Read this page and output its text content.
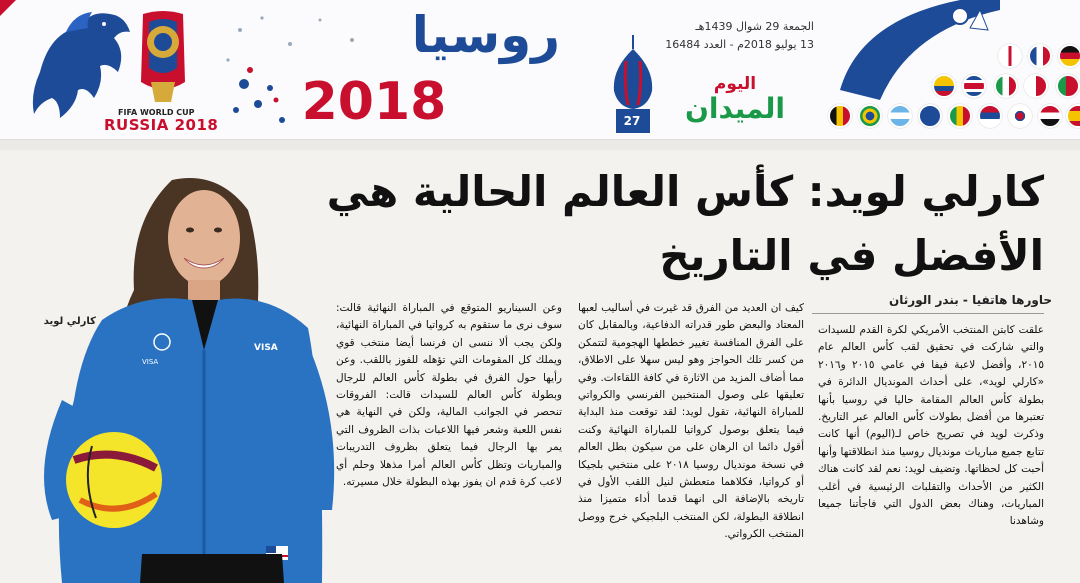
FIFA WORLD CUP
RUSSIA 2018
روسيا
2018	27
اليوم
الميدان
الجمعة 29 شوال 1439هـ
13 يوليو 2018م - العدد 16484
VISA
VISA
كارلي لويد
كارلي لويد: كأس العالم الحالية هي الأفضل في التاريخ
حاورها هاتفيا - بندر الورثان

علقت كابتن المنتخب الأمريكي لكرة القدم للسيدات والتي شاركت في تحقيق لقب كأس العالم عام ٢٠١٥، وأفضل لاعبة فيفا في عامي ٢٠١٥ و٢٠١٦ «كارلي لويد»، على أحداث المونديال الدائرة في بطولة كأس العالم المقامة حاليا في روسيا بأنها تعتبرها من أفضل بطولات كأس العالم عبر التاريخ. وذكرت لويد في تصريح خاص لـ(اليوم) أنها كانت تتابع جميع مباريات مونديال روسيا منذ انطلاقتها وأنها أحبت كل لحظاتها. وتضيف لويد: نعم لقد كانت هناك الكثير من الأحداث والتقلبات الرئيسية في أغلب المباريات، وهناك بعض الدول التي فاجأتنا جميعا وشاهدنا

كيف ان العديد من الفرق قد غيرت في أساليب لعبها المعتاد والبعض طور قدراته الدفاعية، وبالمقابل كان على الفرق المنافسة تغيير خططها الهجومية لتتمكن من كسر تلك الحواجز وهو ليس سهلا على الاطلاق، مما أضاف المزيد من الاثارة في كافة اللقاءات. وفي تعليقها على وصول المنتخبين الفرنسي والكرواتي للمباراة النهائية، تقول لويد: لقد توقعت منذ البداية فيما يتعلق بوصول كرواتيا للمباراة النهائية وكنت أقول دائما ان الرهان على من سيكون بطل العالم في نسخة مونديال روسيا ٢٠١٨ على منتخبي بلجيكا أو كرواتيا، فكلاهما متعطش لنيل اللقب الأول في تاريخه بالإضافة الى انهما قدما أداء متميزا منذ انطلاقة البطولة، لكن المنتخب البلجيكي خرج ووصل المنتخب الكرواتي.

وعن السيناريو المتوقع في المباراة النهائية قالت: سوف نرى ما ستقوم به كرواتيا في المباراة النهائية، ولكن يجب ألا ننسى ان فرنسا أيضا منتخب قوي ويملك كل المقومات التي تؤهله للفوز باللقب. وعن رأيها حول الفرق في بطولة كأس العالم للرجال وبطولة كأس العالم للسيدات قالت: الفروقات تنحصر في الجوانب المالية، ولكن في النهاية هي نفس اللعبة وشعر فيها اللاعبات بذات الظروف التي يمر بها الرجال فيما يتعلق بظروف التدريبات والمباريات وتظل كأس العالم أمرا مذهلا وحلم أي لاعب كرة قدم ان يفوز بهذه البطولة خلال مسيرته.
